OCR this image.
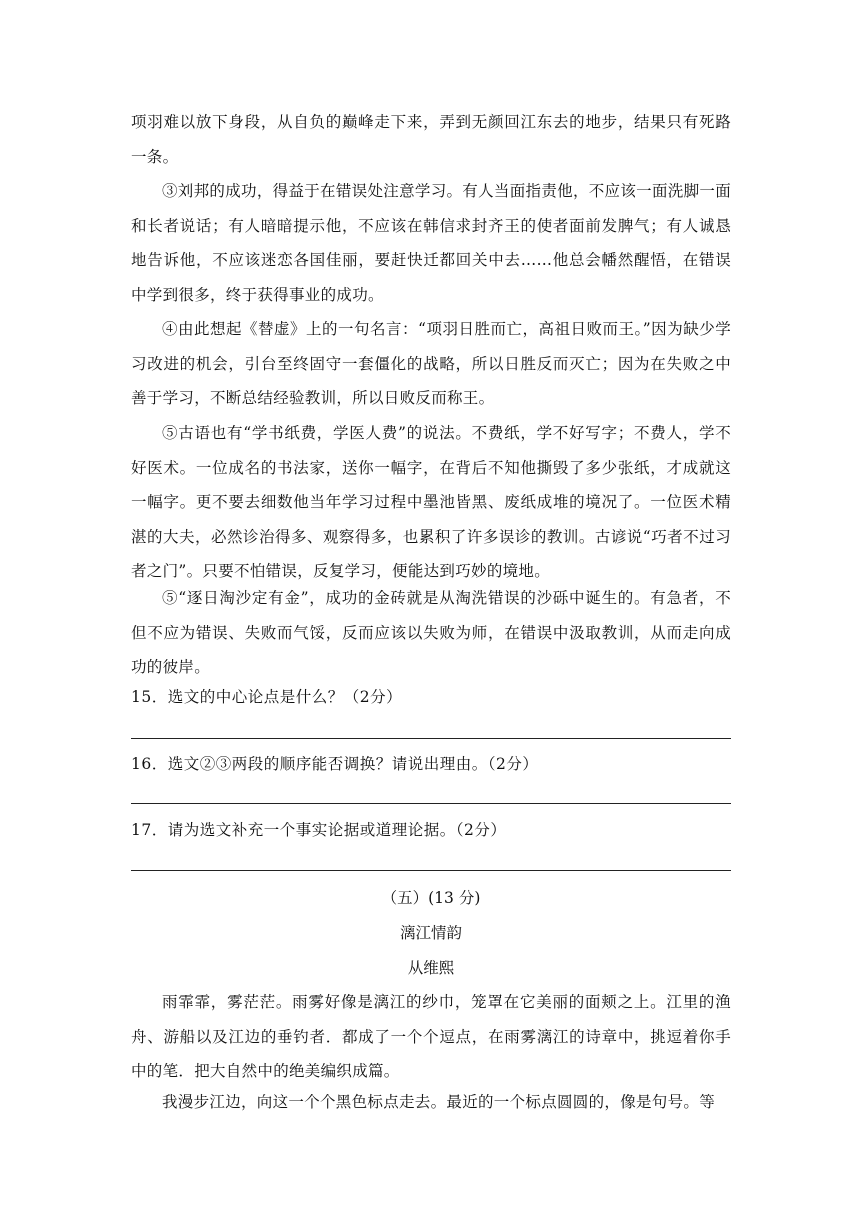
项羽难以放下身段，从自负的巅峰走下来，弄到无颜回江东去的地步，结果只有死路一条。

③刘邦的成功，得益于在错误处注意学习。有人当面指责他，不应该一面洗脚一面和长者说话；有人暗暗提示他，不应该在韩信求封齐王的使者面前发脾气；有人诚恳地告诉他，不应该迷恋各国佳丽，要赶快迁都回关中去……他总会幡然醒悟，在错误中学到很多，终于获得事业的成功。

④由此想起《替虚》上的一句名言：“项羽日胜而亡，高祖日败而王。”因为缺少学习改进的机会，引台至终固守一套僵化的战略，所以日胜反而灭亡；因为在失败之中善于学习，不断总结经验教训，所以日败反而称王。

⑤古语也有“学书纸费，学医人费”的说法。不费纸，学不好写字；不费人，学不好医术。一位成名的书法家，送你一幅字，在背后不知他撕毁了多少张纸，才成就这一幅字。更不要去细数他当年学习过程中墨池皆黑、废纸成堆的境况了。一位医术精湛的大夫，必然诊治得多、观察得多，也累积了许多误诊的教训。古谚说“巧者不过习者之门”。只要不怕错误，反复学习，便能达到巧妙的境地。

⑤“逐日淘沙定有金”，成功的金砖就是从淘洗错误的沙砾中诞生的。有急者，不但不应为错误、失败而气馁，反而应该以失败为师，在错误中汲取教训，从而走向成功的彼岸。

15．选文的中心论点是什么？（2分）

16．选文②③两段的顺序能否调换？请说出理由。（2分）

17．请为选文补充一个事实论据或道理论据。（2分）

（五）(13 分)

漓江情韵

从维熙

雨霏霏，雾茫茫。雨雾好像是漓江的纱巾，笼罩在它美丽的面颊之上。江里的渔舟、游船以及江边的垂钓者．都成了一个个逗点，在雨雾漓江的诗章中，挑逗着你手中的笔．把大自然中的绝美编织成篇。

我漫步江边，向这一个个黑色标点走去。最近的一个标点圆圆的，像是句号。等
